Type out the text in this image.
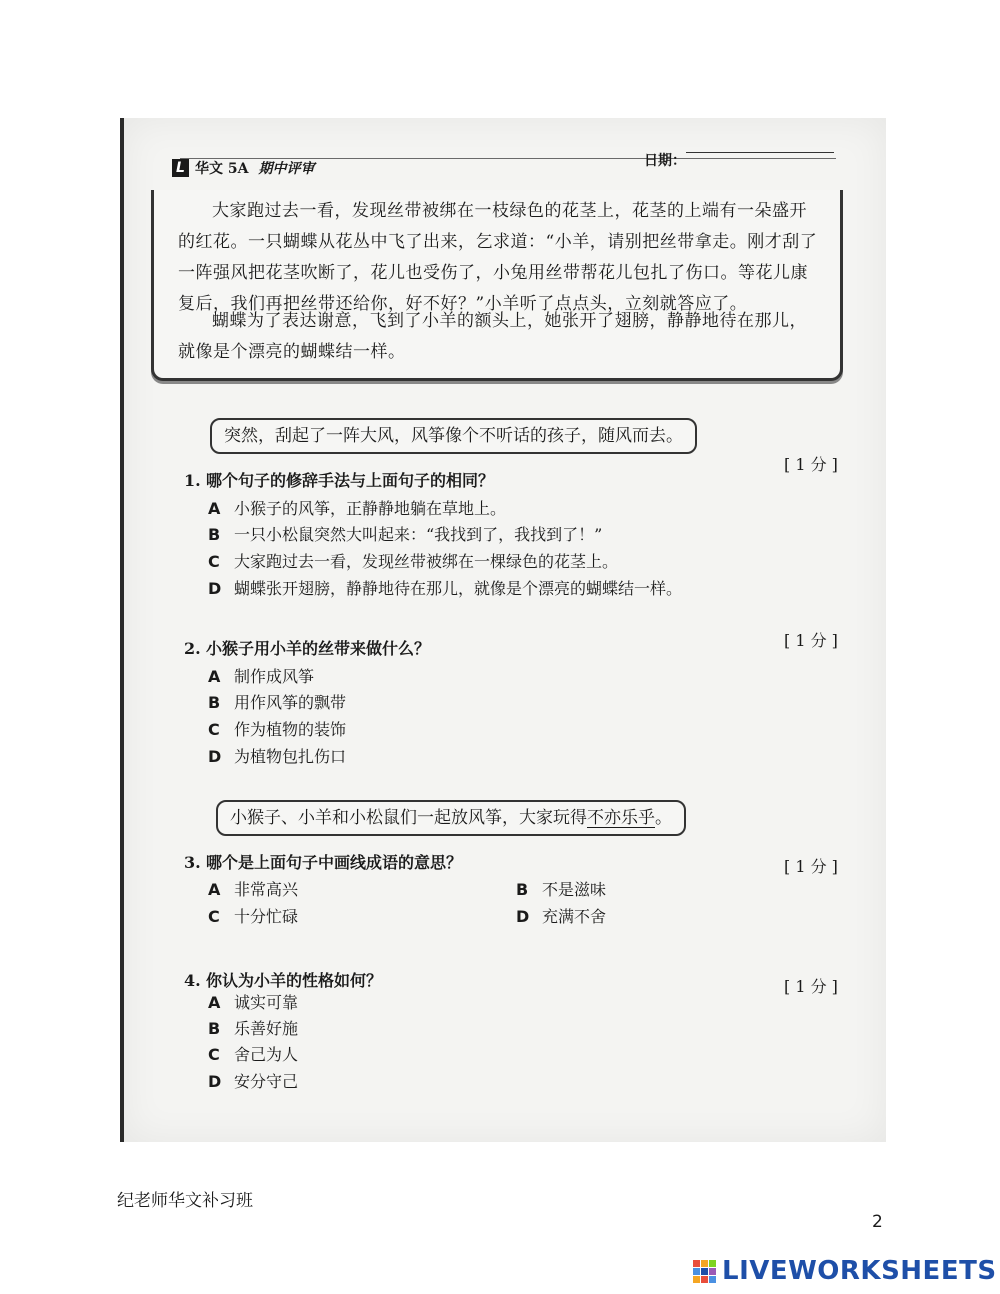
L 华文 5A 期中评审	日期：

大家跑过去一看，发现丝带被绑在一枝绿色的花茎上，花茎的上端有一朵盛开的红花。一只蝴蝶从花丛中飞了出来，乞求道：“小羊，请别把丝带拿走。刚才刮了一阵强风把花茎吹断了，花儿也受伤了，小兔用丝带帮花儿包扎了伤口。等花儿康复后，我们再把丝带还给你，好不好？”小羊听了点点头，立刻就答应了。

蝴蝶为了表达谢意，飞到了小羊的额头上，她张开了翅膀，静静地待在那儿，就像是个漂亮的蝴蝶结一样。

突然，刮起了一阵大风，风筝像个不听话的孩子，随风而去。
[ 1 分 ]
1. 哪个句子的修辞手法与上面句子的相同？
A 小猴子的风筝，正静静地躺在草地上。
B 一只小松鼠突然大叫起来：“我找到了，我找到了！”
C 大家跑过去一看，发现丝带被绑在一棵绿色的花茎上。
D 蝴蝶张开翅膀，静静地待在那儿，就像是个漂亮的蝴蝶结一样。
[ 1 分 ]
2. 小猴子用小羊的丝带来做什么？
A 制作成风筝
B 用作风筝的飘带
C 作为植物的装饰
D 为植物包扎伤口
小猴子、小羊和小松鼠们一起放风筝，大家玩得不亦乐乎。
[ 1 分 ]
3. 哪个是上面句子中画线成语的意思？
A 非常高兴	B 不是滋味
C 十分忙碌	D 充满不舍
[ 1 分 ]
4. 你认为小羊的性格如何？
A 诚实可靠
B 乐善好施
C 舍己为人
D 安分守己
纪老师华文补习班
2
LIVEWORKSHEETS
